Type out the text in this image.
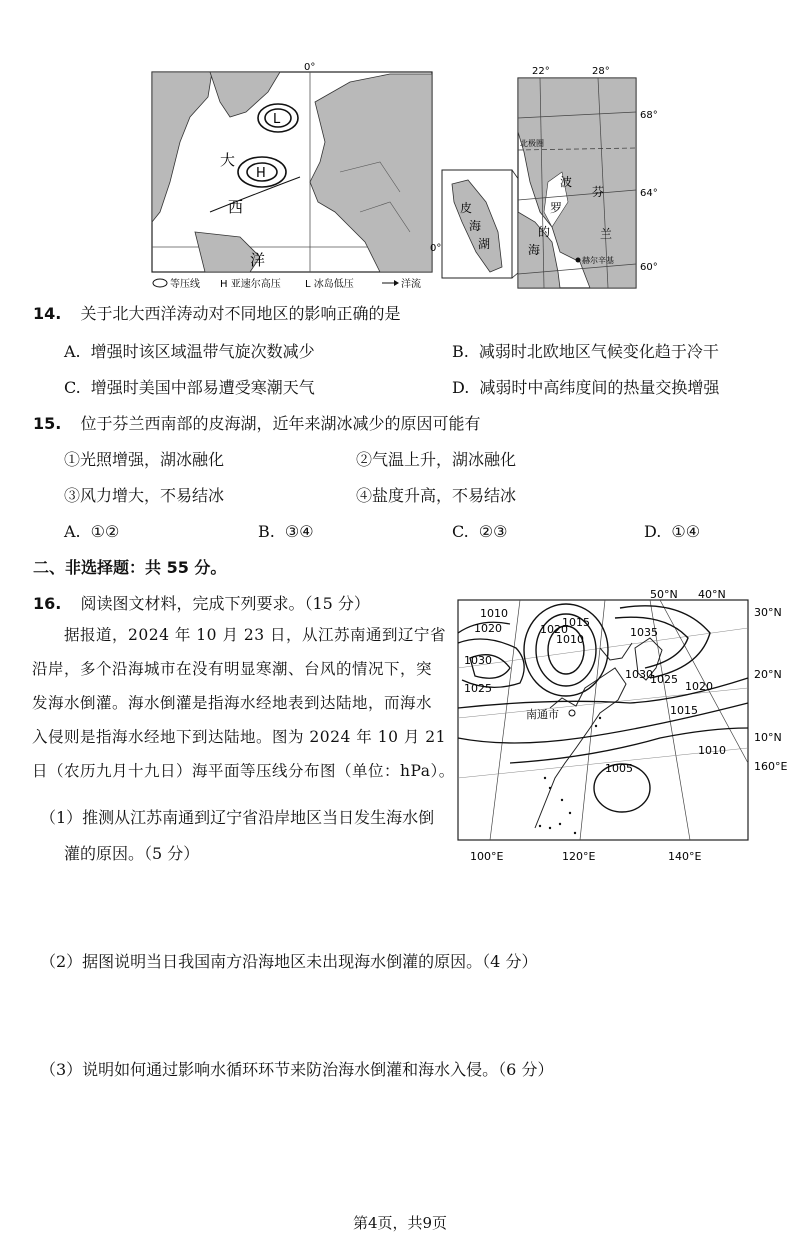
L
H
0°
0°
大
西
洋
等压线 H 亚速尔高压 L 冰岛低压	洋流
皮
海
湖
22°	28°
68°
64°
60°
北极圈
波
罗
的
海
芬
兰
赫尔辛基
14. 关于北大西洋涛动对不同地区的影响正确的是
A. 增强时该区域温带气旋次数减少	B. 减弱时北欧地区气候变化趋于冷干
C. 增强时美国中部易遭受寒潮天气	D. 减弱时中高纬度间的热量交换增强
15. 位于芬兰西南部的皮海湖，近年来湖冰减少的原因可能有
①光照增强，湖冰融化	②气温上升，湖冰融化
③风力增大，不易结冰	④盐度升高，不易结冰
A. ①②	B. ③④	C. ②③	D. ①④
二、非选择题：共 55 分。
16. 阅读图文材料，完成下列要求。（15 分）
据报道，2024 年 10 月 23 日，从江苏南通到辽宁省
沿岸，多个沿海城市在没有明显寒潮、台风的情况下，突
发海水倒灌。海水倒灌是指海水经地表到达陆地，而海水
入侵则是指海水经地下到达陆地。图为 2024 年 10 月 21
日（农历九月十九日）海平面等压线分布图（单位：hPa）。
（1）推测从江苏南通到辽宁省沿岸地区当日发生海水倒
灌的原因。（5 分）
1010
1020
1030
1025
1020
1015
1010
1035
1030
1025
1020
1015
1010
1005
南通市
50°N 40°N
30°N
20°N
10°N
160°E
100°E	120°E	140°E
（2）据图说明当日我国南方沿海地区未出现海水倒灌的原因。（4 分）
（3）说明如何通过影响水循环环节来防治海水倒灌和海水入侵。（6 分）
第4页，共9页
